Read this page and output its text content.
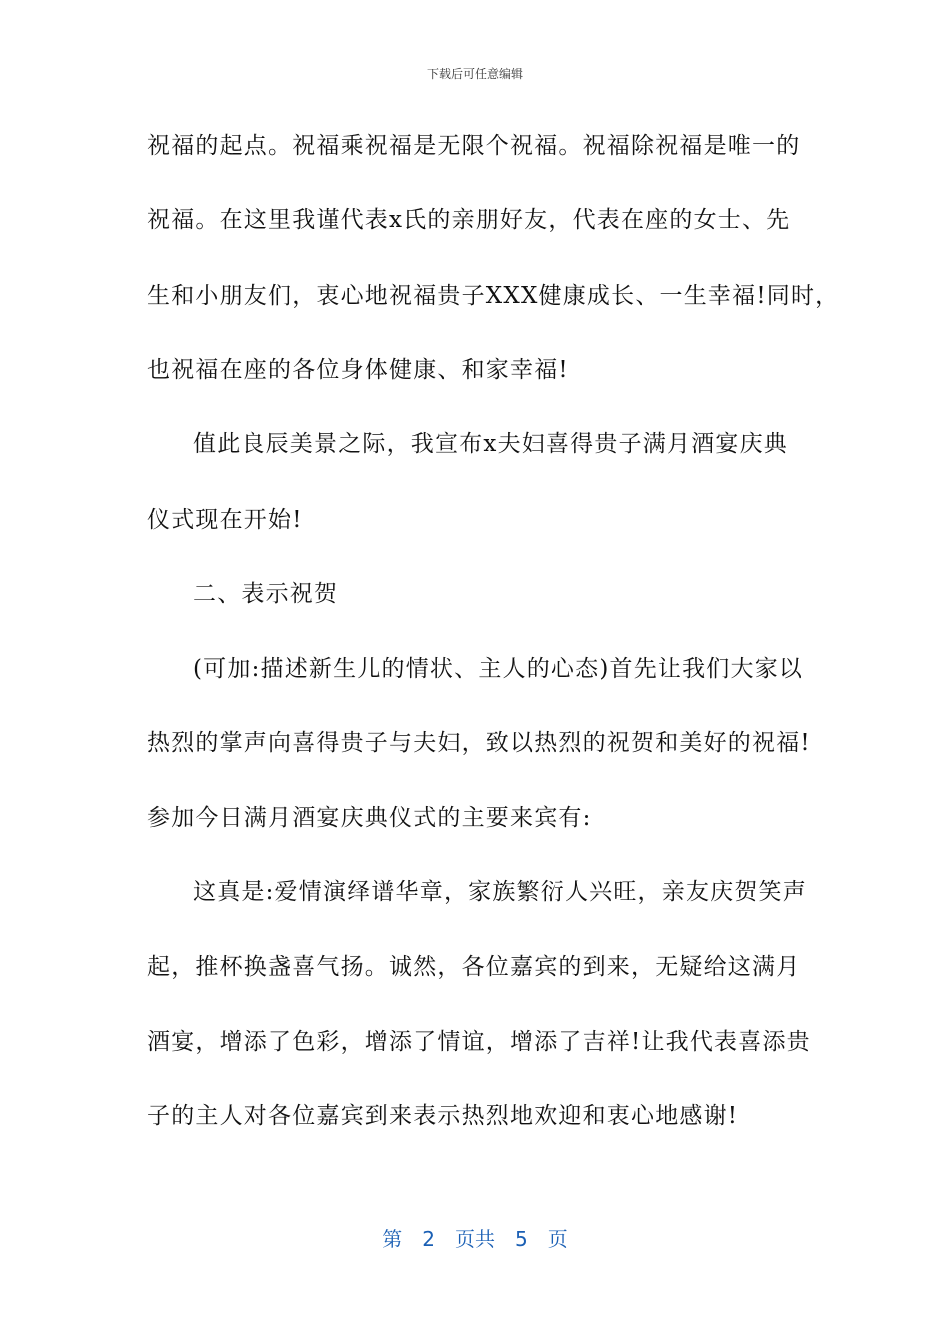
下载后可任意编辑
祝福的起点。祝福乘祝福是无限个祝福。祝福除祝福是唯一的
祝福。在这里我谨代表x氏的亲朋好友，代表在座的女士、先
生和小朋友们，衷心地祝福贵子XXX健康成长、一生幸福!同时，
也祝福在座的各位身体健康、和家幸福!
值此良辰美景之际，我宣布x夫妇喜得贵子满月酒宴庆典
仪式现在开始!
二、表示祝贺
(可加:描述新生儿的情状、主人的心态)首先让我们大家以
热烈的掌声向喜得贵子与夫妇，致以热烈的祝贺和美好的祝福!
参加今日满月酒宴庆典仪式的主要来宾有:
这真是:爱情演绎谱华章，家族繁衍人兴旺，亲友庆贺笑声
起，推杯换盏喜气扬。诚然，各位嘉宾的到来，无疑给这满月
酒宴，增添了色彩，增添了情谊，增添了吉祥!让我代表喜添贵
子的主人对各位嘉宾到来表示热烈地欢迎和衷心地感谢!
第 2 页共 5 页
